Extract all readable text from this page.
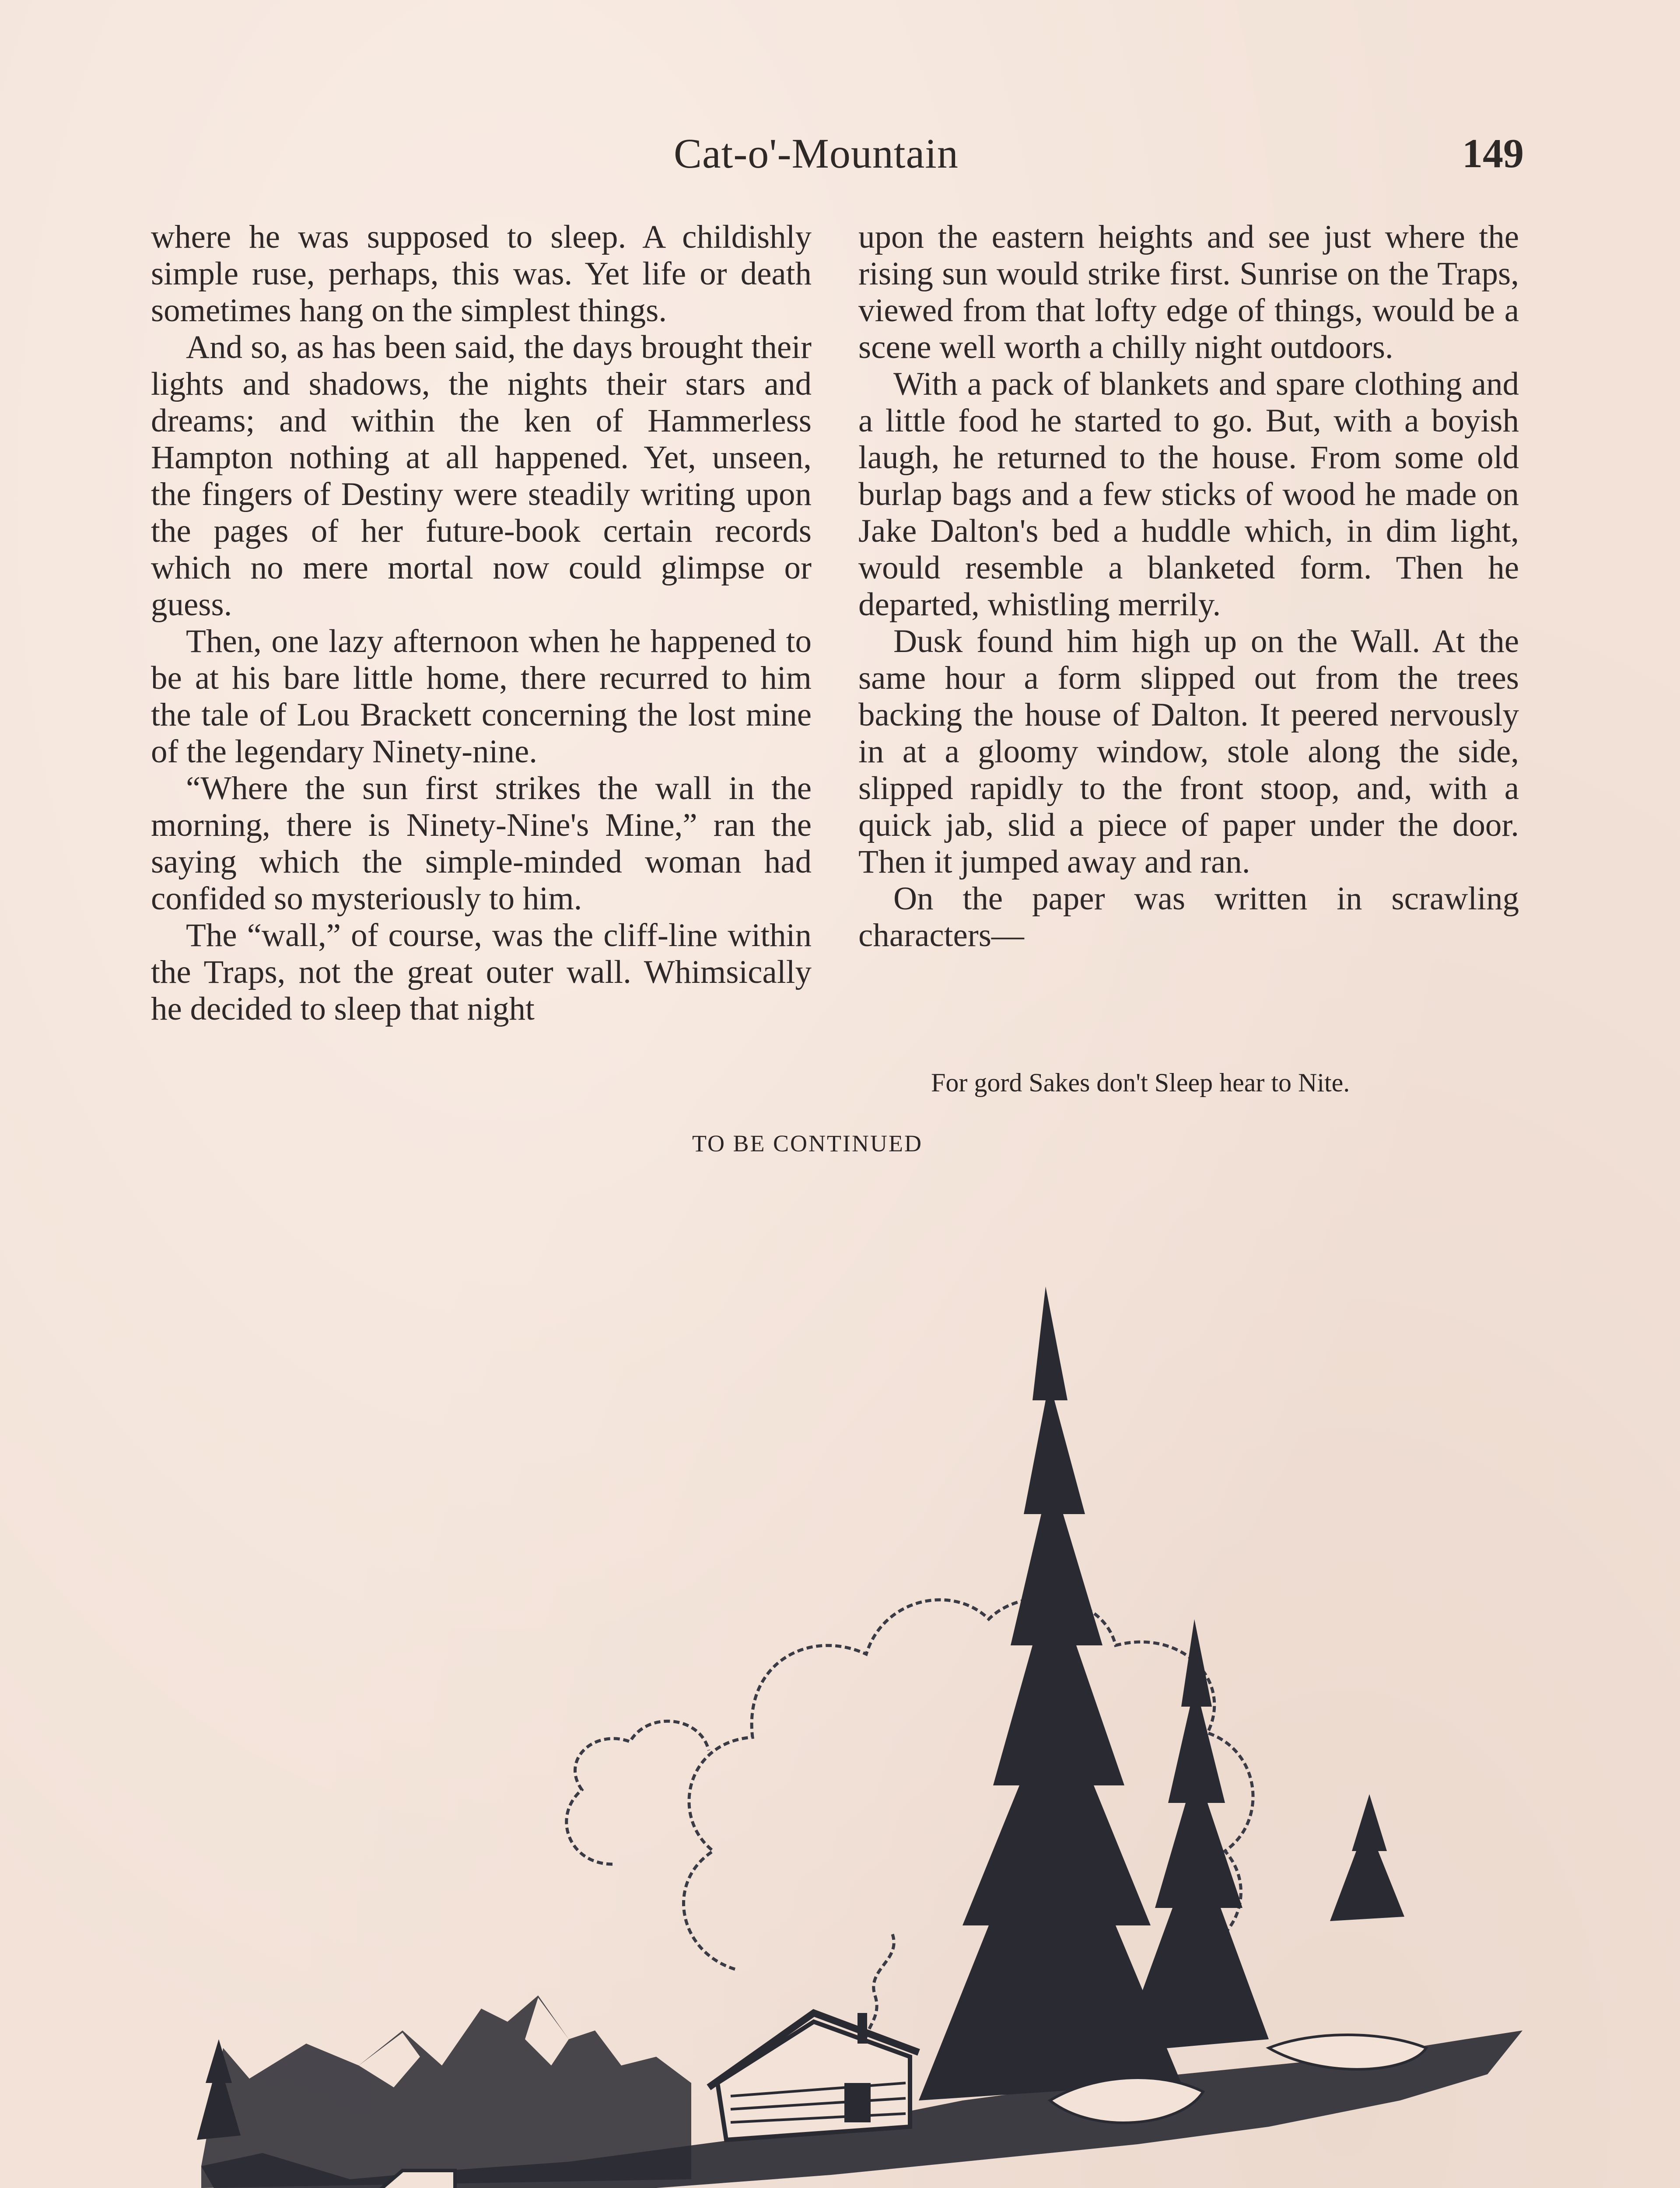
Cat-o'-Mountain	149

where he was supposed to sleep. A childishly simple ruse, perhaps, this was. Yet life or death sometimes hang on the simplest things.

And so, as has been said, the days brought their lights and shadows, the nights their stars and dreams; and within the ken of Hammerless Hampton nothing at all happened. Yet, unseen, the fingers of Destiny were steadily writing upon the pages of her future-book certain records which no mere mortal now could glimpse or guess.

Then, one lazy afternoon when he happened to be at his bare little home, there recurred to him the tale of Lou Brackett concerning the lost mine of the legendary Ninety-nine.

“Where the sun first strikes the wall in the morning, there is Ninety-Nine's Mine,” ran the saying which the simple-minded woman had confided so mysteriously to him.

The “wall,” of course, was the cliff-line within the Traps, not the great outer wall. Whimsically he decided to sleep that night

upon the eastern heights and see just where the rising sun would strike first. Sunrise on the Traps, viewed from that lofty edge of things, would be a scene well worth a chilly night outdoors.

With a pack of blankets and spare clothing and a little food he started to go. But, with a boyish laugh, he returned to the house. From some old burlap bags and a few sticks of wood he made on Jake Dalton's bed a huddle which, in dim light, would resemble a blanketed form. Then he departed, whistling merrily.

Dusk found him high up on the Wall. At the same hour a form slipped out from the trees backing the house of Dalton. It peered nervously in at a gloomy window, stole along the side, slipped rapidly to the front stoop, and, with a quick jab, slid a piece of paper under the door. Then it jumped away and ran.

On the paper was written in scrawling characters—

For gord Sakes don't Sleep hear to Nite.
TO BE CONTINUED
